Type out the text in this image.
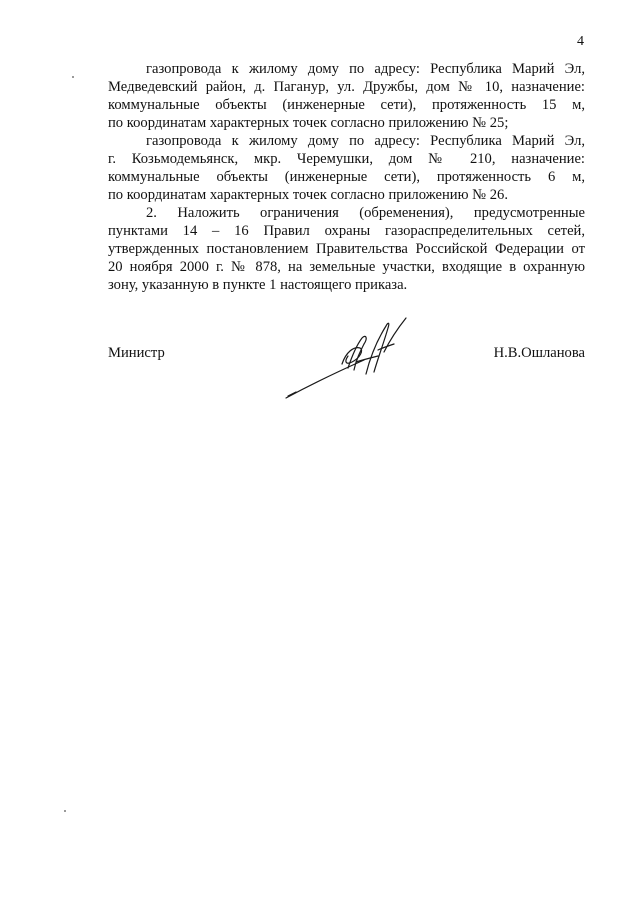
4
газопровода к жилому дому по адресу: Республика Марий Эл,
Медведевский район, д. Паганур, ул. Дружбы, дом № 10, назначение:
коммунальные объекты (инженерные сети), протяженность 15 м,
по координатам характерных точек согласно приложению № 25;
газопровода к жилому дому по адресу: Республика Марий Эл,
г. Козьмодемьянск, мкр. Черемушки, дом № 210, назначение:
коммунальные объекты (инженерные сети), протяженность 6 м,
по координатам характерных точек согласно приложению № 26.
2. Наложить ограничения (обременения), предусмотренные
пунктами 14 – 16 Правил охраны газораспределительных сетей,
утвержденных постановлением Правительства Российской Федерации от
20 ноября 2000 г. № 878, на земельные участки, входящие в охранную
зону, указанную в пункте 1 настоящего приказа.
Министр	Н.В.Ошланова
